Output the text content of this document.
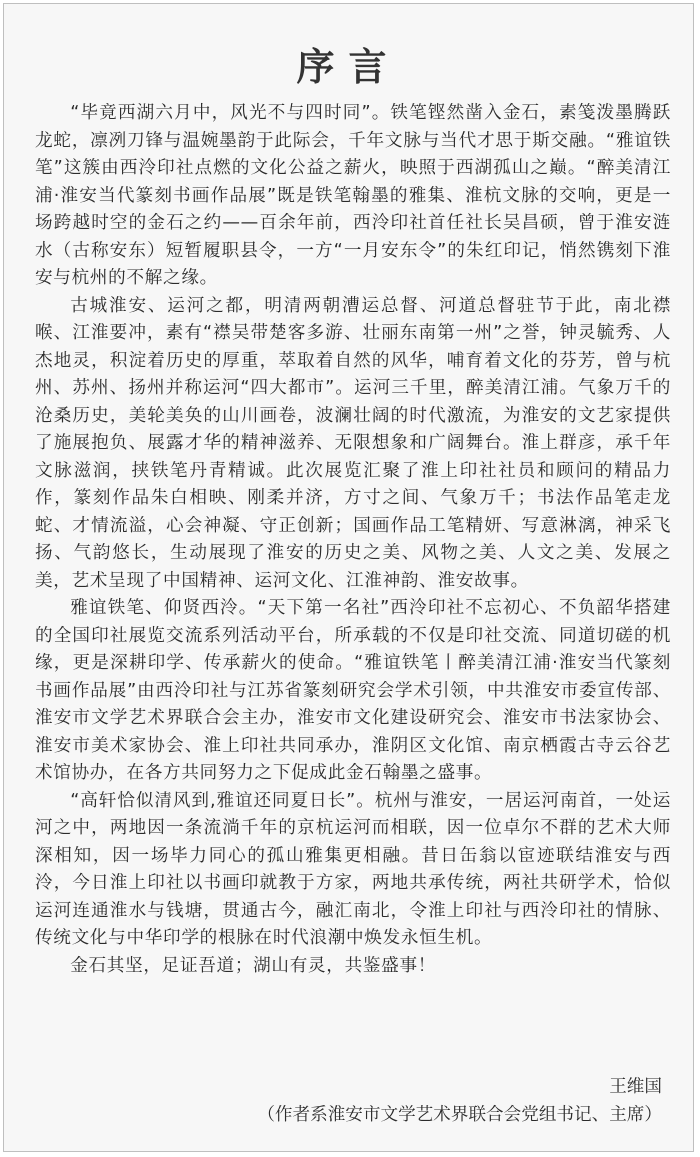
序言

“毕竟西湖六月中，风光不与四时同”。铁笔铿然凿入金石，素笺泼墨腾跃龙蛇，凛冽刀锋与温婉墨韵于此际会，千年文脉与当代才思于斯交融。“雅谊铁笔”这簇由西泠印社点燃的文化公益之薪火，映照于西湖孤山之巅。“醉美清江浦·淮安当代篆刻书画作品展”既是铁笔翰墨的雅集、淮杭文脉的交响，更是一场跨越时空的金石之约——百余年前，西泠印社首任社长吴昌硕，曾于淮安涟水（古称安东）短暂履职县令，一方“一月安东令”的朱红印记，悄然镌刻下淮安与杭州的不解之缘。

古城淮安、运河之都，明清两朝漕运总督、河道总督驻节于此，南北襟喉、江淮要冲，素有“襟吴带楚客多游、壮丽东南第一州”之誉，钟灵毓秀、人杰地灵，积淀着历史的厚重，萃取着自然的风华，哺育着文化的芬芳，曾与杭州、苏州、扬州并称运河“四大都市”。运河三千里，醉美清江浦。气象万千的沧桑历史，美轮美奂的山川画卷，波澜壮阔的时代激流，为淮安的文艺家提供了施展抱负、展露才华的精神滋养、无限想象和广阔舞台。淮上群彦，承千年文脉滋润，挟铁笔丹青精诚。此次展览汇聚了淮上印社社员和顾问的精品力作，篆刻作品朱白相映、刚柔并济，方寸之间、气象万千；书法作品笔走龙蛇、才情流溢，心会神凝、守正创新；国画作品工笔精妍、写意淋漓，神采飞扬、气韵悠长，生动展现了淮安的历史之美、风物之美、人文之美、发展之美，艺术呈现了中国精神、运河文化、江淮神韵、淮安故事。

雅谊铁笔、仰贤西泠。“天下第一名社”西泠印社不忘初心、不负韶华搭建的全国印社展览交流系列活动平台，所承载的不仅是印社交流、同道切磋的机缘，更是深耕印学、传承薪火的使命。“雅谊铁笔丨醉美清江浦·淮安当代篆刻书画作品展”由西泠印社与江苏省篆刻研究会学术引领，中共淮安市委宣传部、淮安市文学艺术界联合会主办，淮安市文化建设研究会、淮安市书法家协会、淮安市美术家协会、淮上印社共同承办，淮阴区文化馆、南京栖霞古寺云谷艺术馆协办，在各方共同努力之下促成此金石翰墨之盛事。

“高轩恰似清风到,雅谊还同夏日长”。杭州与淮安，一居运河南首，一处运河之中，两地因一条流淌千年的京杭运河而相联，因一位卓尔不群的艺术大师深相知，因一场毕力同心的孤山雅集更相融。昔日缶翁以宦迹联结淮安与西泠，今日淮上印社以书画印就教于方家，两地共承传统，两社共研学术，恰似运河连通淮水与钱塘，贯通古今，融汇南北，令淮上印社与西泠印社的情脉、传统文化与中华印学的根脉在时代浪潮中焕发永恒生机。

金石其坚，足证吾道；湖山有灵，共鉴盛事！

王维国
（作者系淮安市文学艺术界联合会党组书记、主席）
